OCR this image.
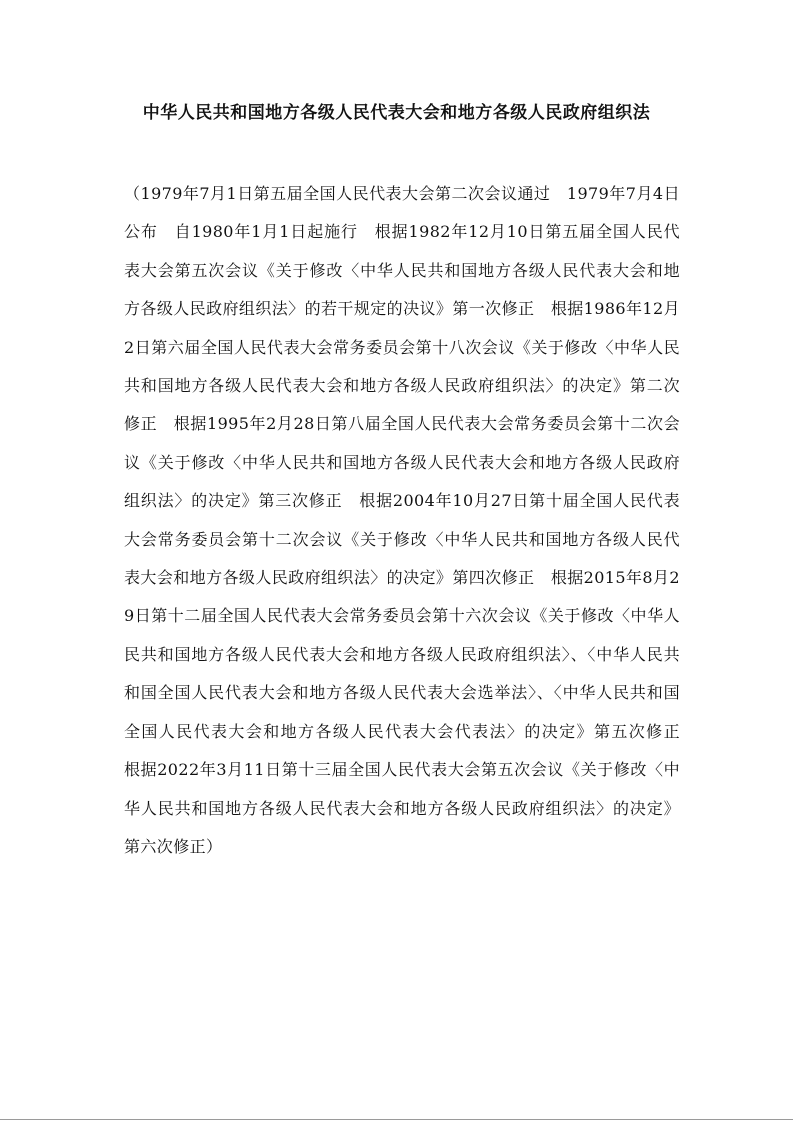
中华人民共和国地方各级人民代表大会和地方各级人民政府组织法

（1979年7月1日第五届全国人民代表大会第二次会议通过　1979年7月4日公布　自1980年1月1日起施行　根据1982年12月10日第五届全国人民代表大会第五次会议《关于修改〈中华人民共和国地方各级人民代表大会和地方各级人民政府组织法〉的若干规定的决议》第一次修正　根据1986年12月2日第六届全国人民代表大会常务委员会第十八次会议《关于修改〈中华人民共和国地方各级人民代表大会和地方各级人民政府组织法〉的决定》第二次修正　根据1995年2月28日第八届全国人民代表大会常务委员会第十二次会议《关于修改〈中华人民共和国地方各级人民代表大会和地方各级人民政府组织法〉的决定》第三次修正　根据2004年10月27日第十届全国人民代表大会常务委员会第十二次会议《关于修改〈中华人民共和国地方各级人民代表大会和地方各级人民政府组织法〉的决定》第四次修正　根据2015年8月29日第十二届全国人民代表大会常务委员会第十六次会议《关于修改〈中华人民共和国地方各级人民代表大会和地方各级人民政府组织法〉、〈中华人民共和国全国人民代表大会和地方各级人民代表大会选举法〉、〈中华人民共和国全国人民代表大会和地方各级人民代表大会代表法〉的决定》第五次修正　根据2022年3月11日第十三届全国人民代表大会第五次会议《关于修改〈中华人民共和国地方各级人民代表大会和地方各级人民政府组织法〉的决定》第六次修正）
